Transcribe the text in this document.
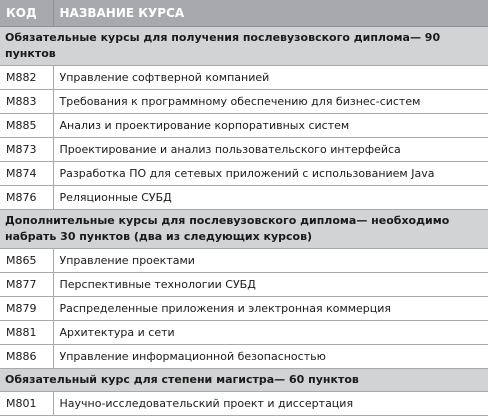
КОД	НАЗВАНИЕ КУРСА
Обязательные курсы для получения послевузовского диплома— 90 пунктов	
M882	Управление софтверной компанией
M883	Требования к программному обеспечению для бизнес-систем
M885	Анализ и проектирование корпоративных систем
M873	Проектирование и анализ пользовательского интерфейса
M874	Разработка ПО для сетевых приложений с использованием Java
M876	Реляционные СУБД
Дополнительные курсы для послевузовского диплома— необходимо набрать 30 пунктов (два из следующих курсов)	
M865	Управление проектами
M877	Перспективные технологии СУБД
M879	Распределенные приложения и электронная коммерция
M881	Архитектура и сети
M886	Управление информационной безопасностью
Обязательный курс для степени магистра— 60 пунктов	
M801	Научно-исследовательский проект и диссертация
